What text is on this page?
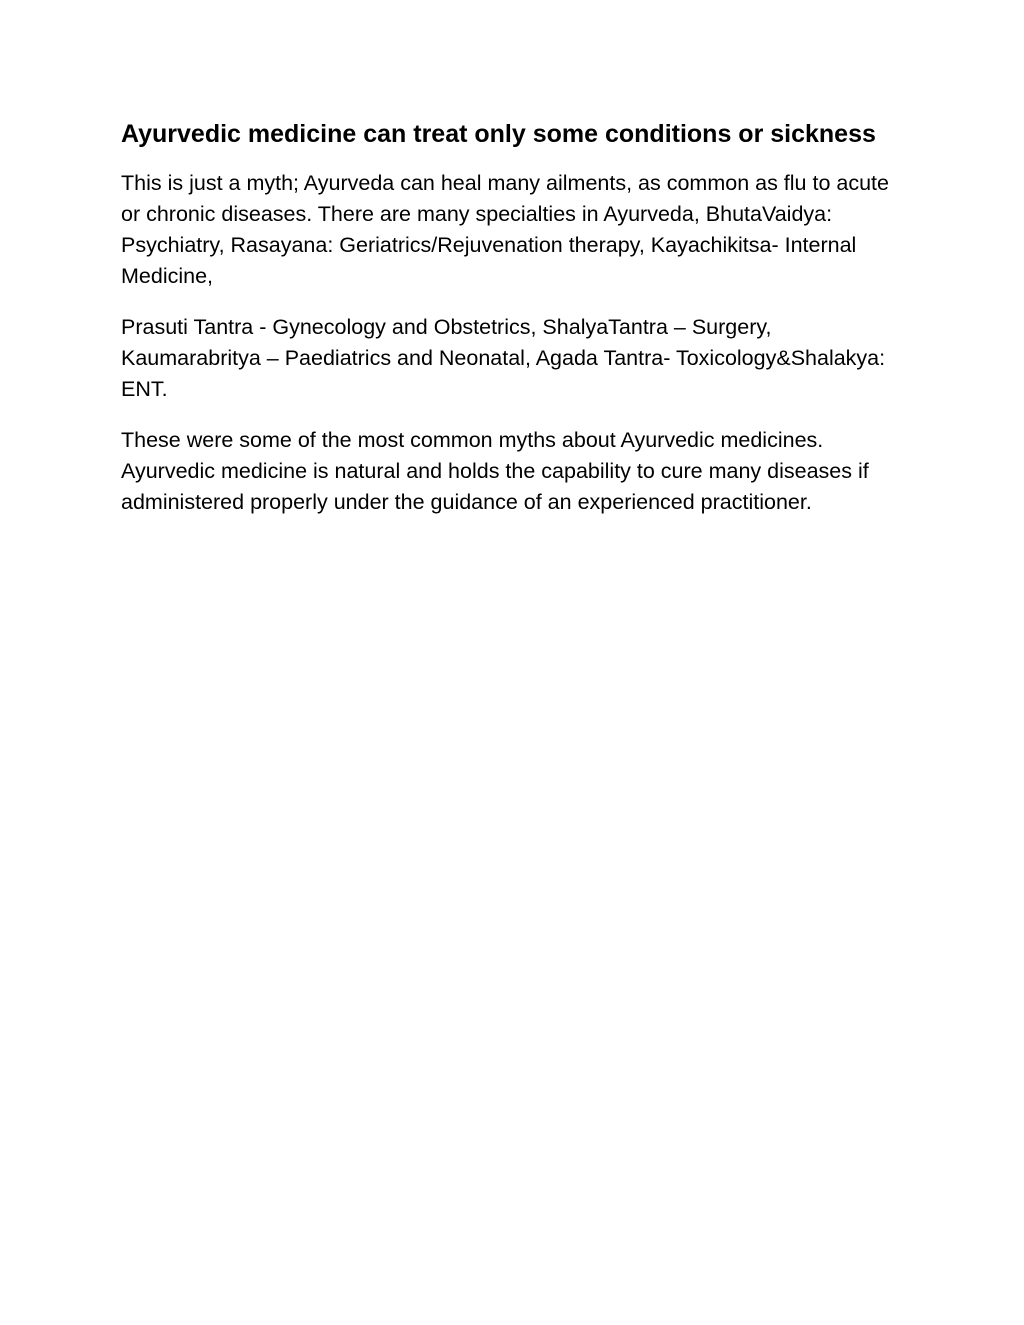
Ayurvedic medicine can treat only some conditions or sickness

This is just a myth; Ayurveda can heal many ailments, as common as flu to acute or chronic diseases. There are many specialties in Ayurveda, BhutaVaidya: Psychiatry, Rasayana: Geriatrics/Rejuvenation therapy, Kayachikitsa- Internal Medicine,

Prasuti Tantra - Gynecology and Obstetrics, ShalyaTantra – Surgery, Kaumarabritya – Paediatrics and Neonatal, Agada Tantra- Toxicology&Shalakya: ENT.

These were some of the most common myths about Ayurvedic medicines. Ayurvedic medicine is natural and holds the capability to cure many diseases if administered properly under the guidance of an experienced practitioner.
